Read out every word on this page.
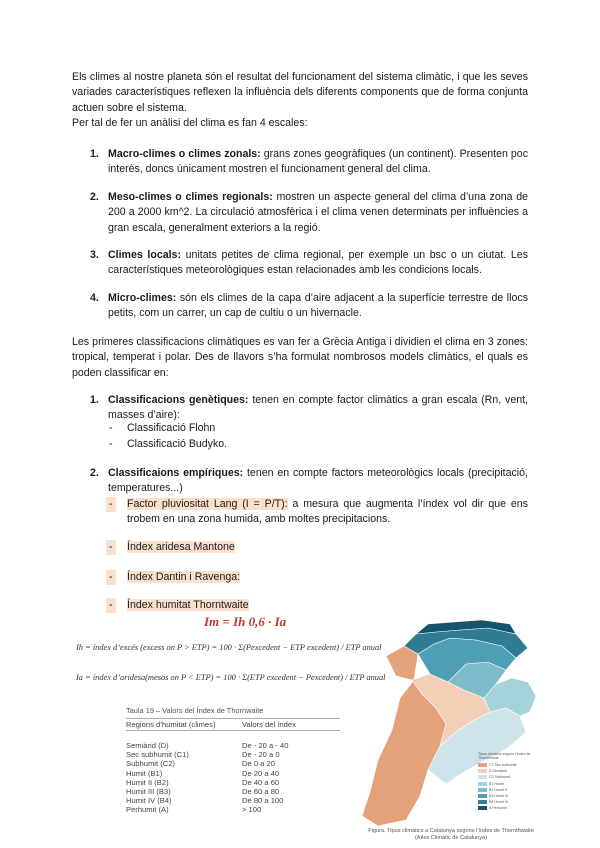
Els climes al nostre planeta són el resultat del funcionament del sistema climàtic, i que les seves variades característiques reflexen la influència dels diferents components que de forma conjunta actuen sobre el sistema.

Per tal de fer un anàlisi del clima es fan 4 escales:

1. Macro-climes o climes zonals: grans zones geogràfiques (un continent). Presenten poc interès, doncs únicament mostren el funcionament general del clima.
2. Meso-climes o climes regionals: mostren un aspecte general del clima d’una zona de 200 a 2000 km^2. La circulació atmosfèrica i el clima venen determinats per influències a gran escala, generalment exteriors a la regió.
3. Climes locals: unitats petites de clima regional, per exemple un bsc o un ciutat. Les característiques meteorològiques estan relacionades amb les condicions locals.
4. Micro-climes: són els climes de la capa d’aire adjacent a la superfície terrestre de llocs petits, com un carrer, un cap de cultiu o un hivernacle.

Les primeres classificacions climàtiques es van fer a Grècia Antiga i dividien el clima en 3 zones: tropical, temperat i polar. Des de llavors s’ha formulat nombrosos models climàtics, el quals es poden classificar en:

1. Classificacions genètiques: tenen en compte factor climàtics a gran escala (Rn, vent, masses d’aire):
- Classificació Flohn
- Classificació Budyko.
2. Classificaions empíriques: tenen en compte factors meteorològics locals (precipitació, temperatures...)
- Factor pluviositat Lang (I = P/T): a mesura que augmenta l’índex vol dir que ens trobem en una zona humida, amb moltes precipitacions.
- Índex aridesa Mantone
- Índex Dantin i Ravenga:
- Índex humitat Thorntwaite
Im = Ih 0,6 · Ia
Ih = índex d’excés (excess on P > ETP) = 100 · Σ(Pexcedent − ETP excedent) / ETP anual
Ia = índex d’aridesa(mesos on P < ETP) = 100 · Σ(ETP excedent − Pexcedent) / ETP anual
Taula 19 – Valors del Índex de Thornwaite
Regions d’humitat (climes)	Valors del índex
Semiàrid (D)	De - 20 a - 40
Sec subhumit (C1)	De - 20 a 0
Subhumit (C2)	De 0 a 20
Humit (B1)	De 20 a 40
Humit II (B2)	De 40 a 60
Humit III (B3)	De 60 a 80
Humit IV (B4)	De 80 a 100
Perhumit (A)	> 100
Tipus climàtics segons l’índex de Thornthwaite
C1 Sec subhumit
D Semiàrid
C2 Subhumit
B1 Humit
B2 Humit II
B3 Humit III
B4 Humit IV
A Perhumit
Figura. Tipus climàtics a Catalunya segons l’índex de Thornthwaite (Atles Climàtic de Catalunya)
